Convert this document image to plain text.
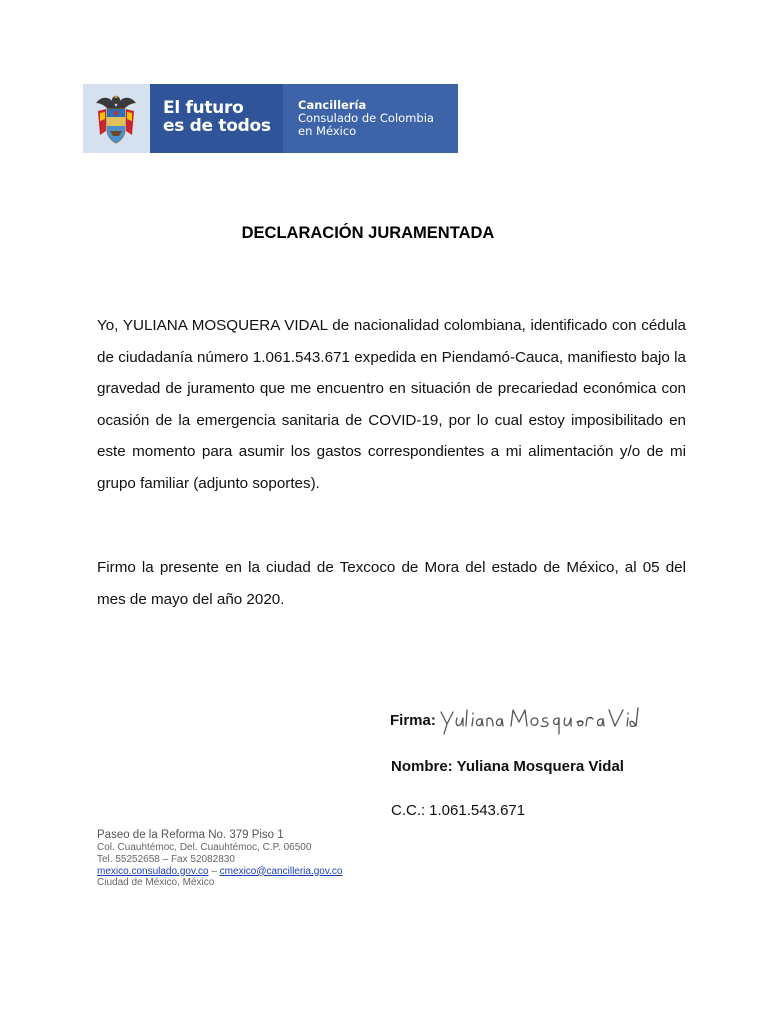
El futuro
es de todos
Cancillería
Consulado de Colombia
en México
DECLARACIÓN JURAMENTADA

Yo, YULIANA MOSQUERA VIDAL de nacionalidad colombiana, identificado con cédula de ciudadanía número 1.061.543.671 expedida en Piendamó-Cauca, manifiesto bajo la gravedad de juramento que me encuentro en situación de precariedad económica con ocasión de la emergencia sanitaria de COVID-19, por lo cual estoy imposibilitado en este momento para asumir los gastos correspondientes a mi alimentación y/o de mi grupo familiar (adjunto soportes).

Firmo la presente en la ciudad de Texcoco de Mora del estado de México, al 05 del mes de mayo del año 2020.

Firma:
Nombre: Yuliana Mosquera Vidal
C.C.: 1.061.543.671
Paseo de la Reforma No. 379 Piso 1
Col. Cuauhtémoc, Del. Cuauhtémoc, C.P. 06500
Tel. 55252658 – Fax 52082830
mexico.consulado.gov.co – cmexico@cancilleria.gov.co
Ciudad de México, México
